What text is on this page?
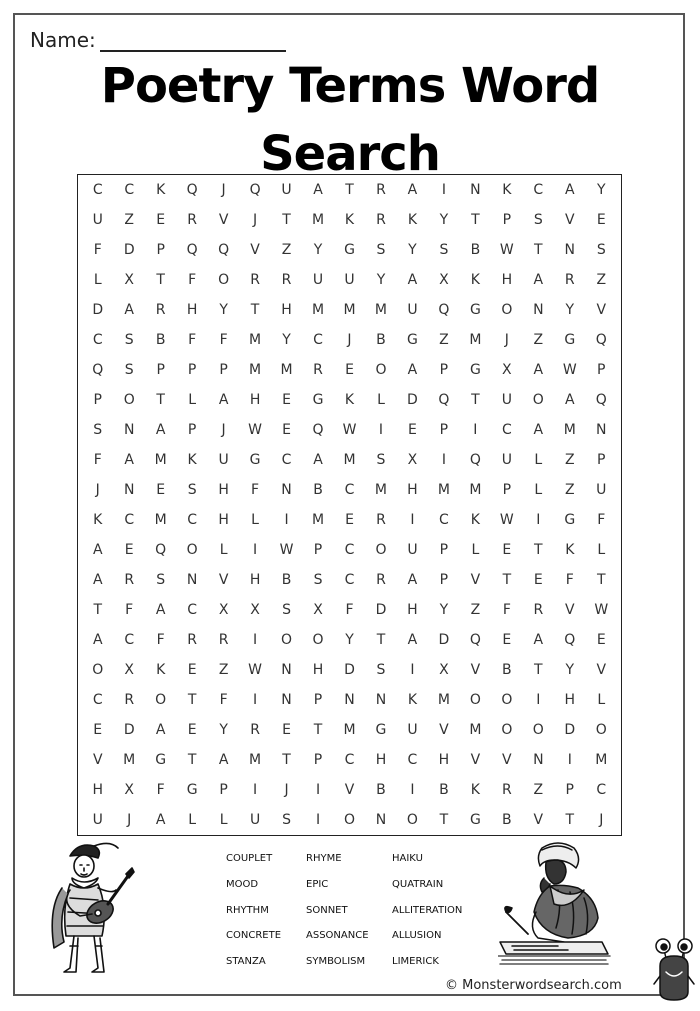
Name:
Poetry Terms Word Search
C	C	K	Q	J	Q	U	A	T	R	A	I	N	K	C	A	Y
U	Z	E	R	V	J	T	M	K	R	K	Y	T	P	S	V	E
F	D	P	Q	Q	V	Z	Y	G	S	Y	S	B	W	T	N	S
L	X	T	F	O	R	R	U	U	Y	A	X	K	H	A	R	Z
D	A	R	H	Y	T	H	M	M	M	U	Q	G	O	N	Y	V
C	S	B	F	F	M	Y	C	J	B	G	Z	M	J	Z	G	Q
Q	S	P	P	P	M	M	R	E	O	A	P	G	X	A	W	P
P	O	T	L	A	H	E	G	K	L	D	Q	T	U	O	A	Q
S	N	A	P	J	W	E	Q	W	I	E	P	I	C	A	M	N
F	A	M	K	U	G	C	A	M	S	X	I	Q	U	L	Z	P
J	N	E	S	H	F	N	B	C	M	H	M	M	P	L	Z	U
K	C	M	C	H	L	I	M	E	R	I	C	K	W	I	G	F
A	E	Q	O	L	I	W	P	C	O	U	P	L	E	T	K	L
A	R	S	N	V	H	B	S	C	R	A	P	V	T	E	F	T
T	F	A	C	X	X	S	X	F	D	H	Y	Z	F	R	V	W
A	C	F	R	R	I	O	O	Y	T	A	D	Q	E	A	Q	E
O	X	K	E	Z	W	N	H	D	S	I	X	V	B	T	Y	V
C	R	O	T	F	I	N	P	N	N	K	M	O	O	I	H	L
E	D	A	E	Y	R	E	T	M	G	U	V	M	O	O	D	O
V	M	G	T	A	M	T	P	C	H	C	H	V	V	N	I	M
H	X	F	G	P	I	J	I	V	B	I	B	K	R	Z	P	C
U	J	A	L	L	U	S	I	O	N	O	T	G	B	V	T	J
COUPLET	RHYME	HAIKU
MOOD	EPIC	QUATRAIN
RHYTHM	SONNET	ALLITERATION
CONCRETE	ASSONANCE	ALLUSION
STANZA	SYMBOLISM	LIMERICK
© Monsterwordsearch.com
